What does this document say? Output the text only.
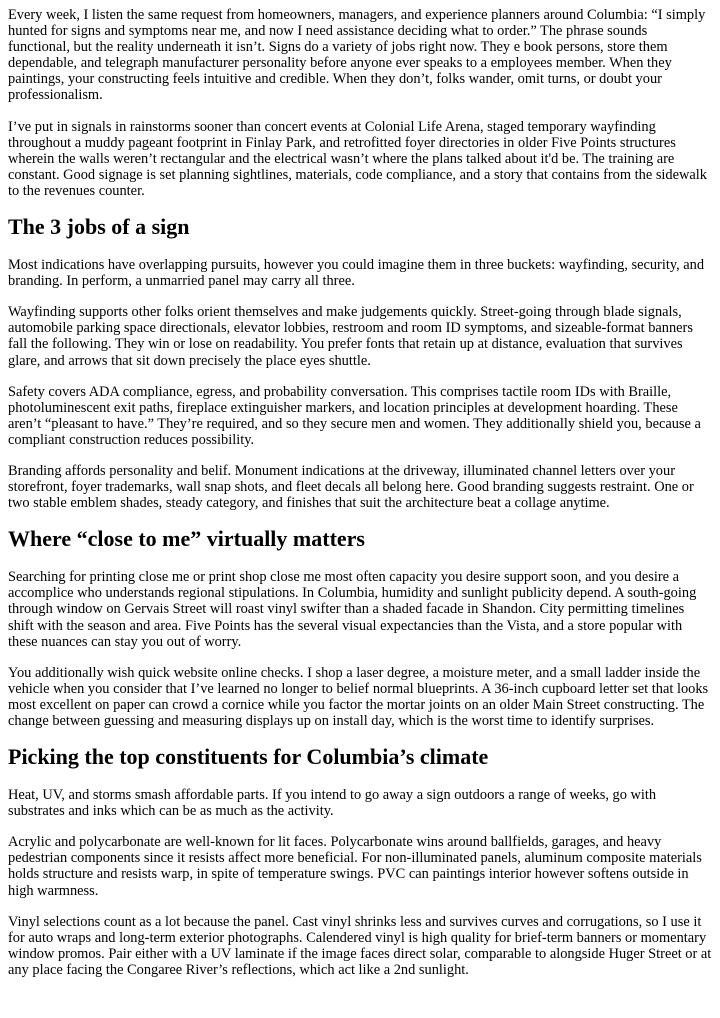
Every week, I listen the same request from homeowners, managers, and experience planners around Columbia: “I simply hunted for signs and symptoms near me, and now I need assistance deciding what to order.” The phrase sounds functional, but the reality underneath it isn’t. Signs do a variety of jobs right now. They e book persons, store them dependable, and telegraph manufacturer personality before anyone ever speaks to a employees member. When they paintings, your constructing feels intuitive and credible. When they don’t, folks wander, omit turns, or doubt your professionalism.

I’ve put in signals in rainstorms sooner than concert events at Colonial Life Arena, staged temporary wayfinding throughout a muddy pageant footprint in Finlay Park, and retrofitted foyer directories in older Five Points structures wherein the walls weren’t rectangular and the electrical wasn’t where the plans talked about it'd be. The training are constant. Good signage is set planning sightlines, materials, code compliance, and a story that contains from the sidewalk to the revenues counter.

The 3 jobs of a sign

Most indications have overlapping pursuits, however you could imagine them in three buckets: wayfinding, security, and branding. In perform, a unmarried panel may carry all three.

Wayfinding supports other folks orient themselves and make judgements quickly. Street-going through blade signals, automobile parking space directionals, elevator lobbies, restroom and room ID symptoms, and sizeable-format banners fall the following. They win or lose on readability. You prefer fonts that retain up at distance, evaluation that survives glare, and arrows that sit down precisely the place eyes shuttle.

Safety covers ADA compliance, egress, and probability conversation. This comprises tactile room IDs with Braille, photoluminescent exit paths, fireplace extinguisher markers, and location principles at development hoarding. These aren’t “pleasant to have.” They’re required, and so they secure men and women. They additionally shield you, because a compliant construction reduces possibility.

Branding affords personality and belif. Monument indications at the driveway, illuminated channel letters over your storefront, foyer trademarks, wall snap shots, and fleet decals all belong here. Good branding suggests restraint. One or two stable emblem shades, steady category, and finishes that suit the architecture beat a collage anytime.

Where “close to me” virtually matters

Searching for printing close me or print shop close me most often capacity you desire support soon, and you desire a accomplice who understands regional stipulations. In Columbia, humidity and sunlight publicity depend. A south-going through window on Gervais Street will roast vinyl swifter than a shaded facade in Shandon. City permitting timelines shift with the season and area. Five Points has the several visual expectancies than the Vista, and a store popular with these nuances can stay you out of worry.

You additionally wish quick website online checks. I shop a laser degree, a moisture meter, and a small ladder inside the vehicle when you consider that I’ve learned no longer to belief normal blueprints. A 36-inch cupboard letter set that looks most excellent on paper can crowd a cornice while you factor the mortar joints on an older Main Street constructing. The change between guessing and measuring displays up on install day, which is the worst time to identify surprises.

Picking the top constituents for Columbia’s climate

Heat, UV, and storms smash affordable parts. If you intend to go away a sign outdoors a range of weeks, go with substrates and inks which can be as much as the activity.

Acrylic and polycarbonate are well-known for lit faces. Polycarbonate wins around ballfields, garages, and heavy pedestrian components since it resists affect more beneficial. For non-illuminated panels, aluminum composite materials holds structure and resists warp, in spite of temperature swings. PVC can paintings interior however softens outside in high warmness.

Vinyl selections count as a lot because the panel. Cast vinyl shrinks less and survives curves and corrugations, so I use it for auto wraps and long-term exterior photographs. Calendered vinyl is high quality for brief-term banners or momentary window promos. Pair either with a UV laminate if the image faces direct solar, comparable to alongside Huger Street or at any place facing the Congaree River’s reflections, which act like a 2nd sunlight.
